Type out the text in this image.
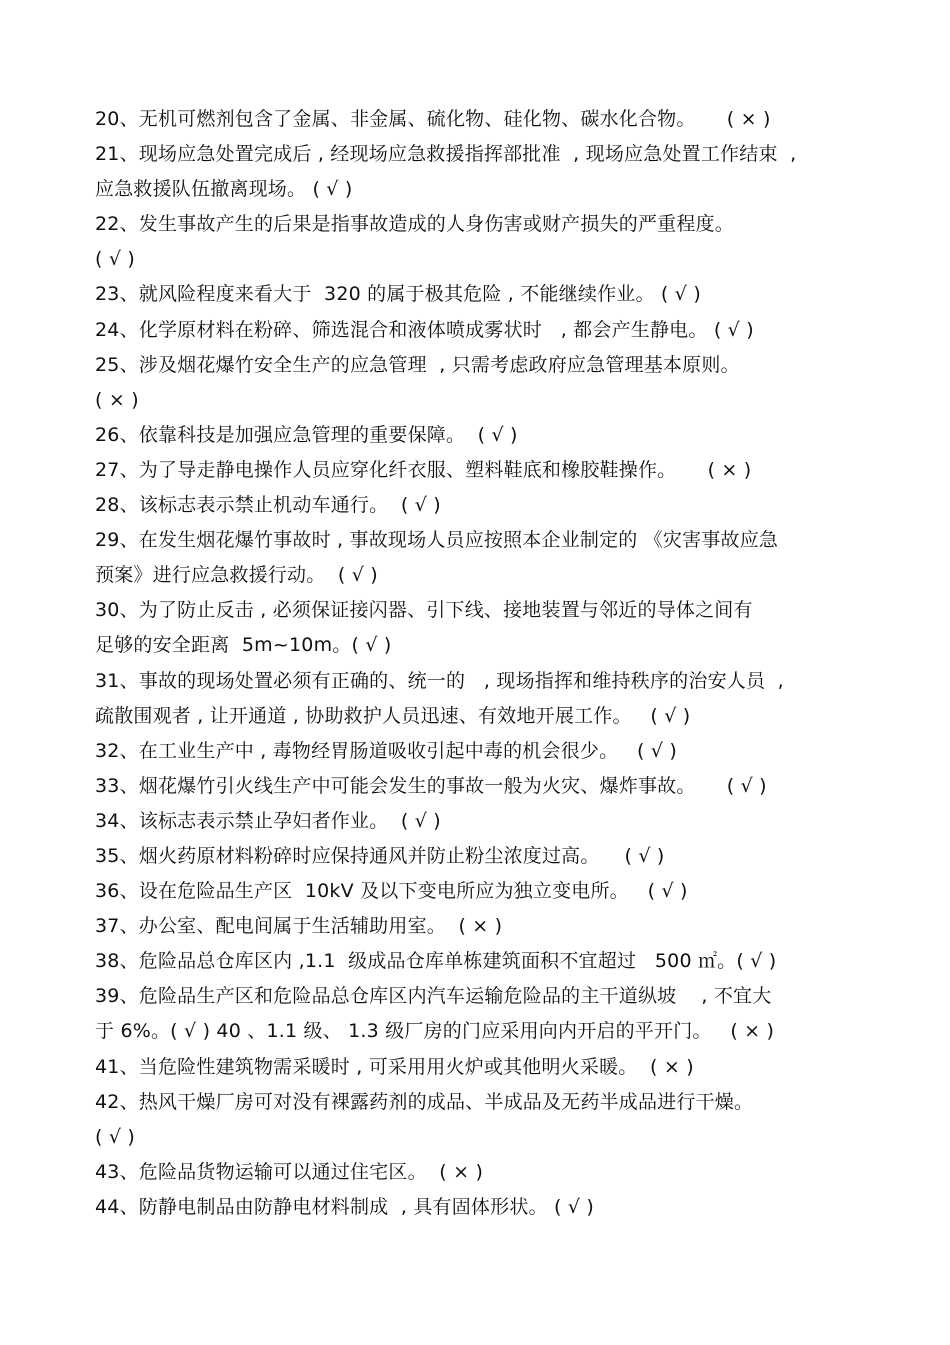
20、无机可燃剂包含了金属、非金属、硫化物、硅化物、碳水化合物。     ( × )
21、现场应急处置完成后 , 经现场应急救援指挥部批准  , 现场应急处置工作结束  ,
应急救援队伍撤离现场。 ( √ )
22、发生事故产生的后果是指事故造成的人身伤害或财产损失的严重程度。
( √ )
23、就风险程度来看大于  320 的属于极其危险 , 不能继续作业。 ( √ )
24、化学原材料在粉碎、筛选混合和液体喷成雾状时   , 都会产生静电。 ( √ )
25、涉及烟花爆竹安全生产的应急管理  , 只需考虑政府应急管理基本原则。
( × )
26、依靠科技是加强应急管理的重要保障。  ( √ )
27、为了导走静电操作人员应穿化纤衣服、塑料鞋底和橡胶鞋操作。     ( × )
28、该标志表示禁止机动车通行。  ( √ )
29、在发生烟花爆竹事故时 , 事故现场人员应按照本企业制定的 《灾害事故应急
预案》进行应急救援行动。  ( √ )
30、为了防止反击 , 必须保证接闪器、引下线、接地装置与邻近的导体之间有
足够的安全距离  5m~10m。( √ )
31、事故的现场处置必须有正确的、统一的   , 现场指挥和维持秩序的治安人员  ,
疏散围观者 , 让开通道 , 协助救护人员迅速、有效地开展工作。   ( √ )
32、在工业生产中 , 毒物经胃肠道吸收引起中毒的机会很少。   ( √ )
33、烟花爆竹引火线生产中可能会发生的事故一般为火灾、爆炸事故。     ( √ )
34、该标志表示禁止孕妇者作业。  ( √ )
35、烟火药原材料粉碎时应保持通风并防止粉尘浓度过高。    ( √ )
36、设在危险品生产区  10kV 及以下变电所应为独立变电所。   ( √ )
37、办公室、配电间属于生活辅助用室。  ( × )
38、危险品总仓库区内 ,1.1  级成品仓库单栋建筑面积不宜超过   500 ㎡。( √ )
39、危险品生产区和危险品总仓库区内汽车运输危险品的主干道纵坡    , 不宜大
于 6%。( √ ) 40 、1.1 级、 1.3 级厂房的门应采用向内开启的平开门。   ( × )
41、当危险性建筑物需采暖时 , 可采用用火炉或其他明火采暖。  ( × )
42、热风干燥厂房可对没有裸露药剂的成品、半成品及无药半成品进行干燥。
( √ )
43、危险品货物运输可以通过住宅区。  ( × )
44、防静电制品由防静电材料制成  , 具有固体形状。 ( √ )
